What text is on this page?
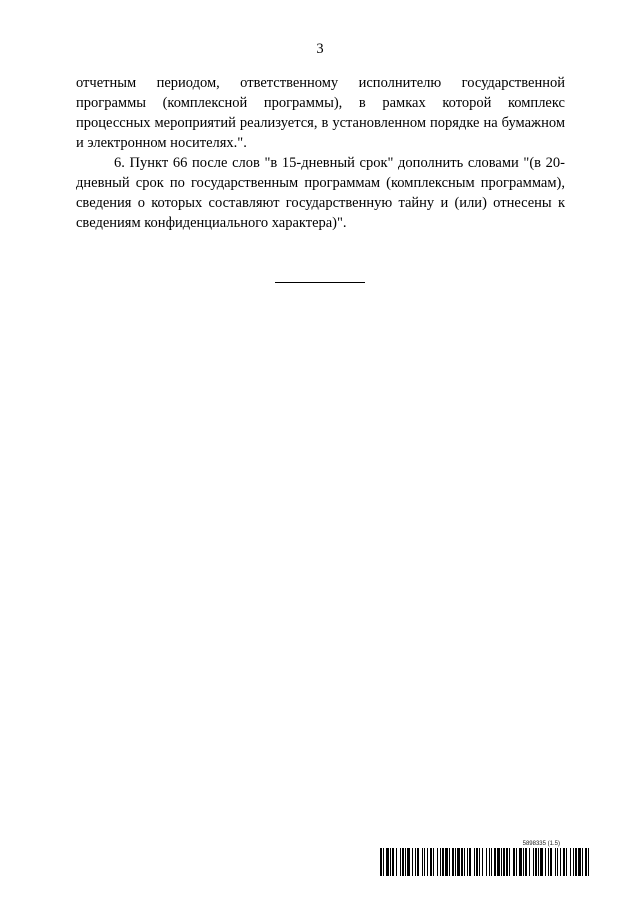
3

отчетным периодом, ответственному исполнителю государственной программы (комплексной программы), в рамках которой комплекс процессных мероприятий реализуется, в установленном порядке на бумажном и электронном носителях.".

6. Пункт 66 после слов "в 15-дневный срок" дополнить словами "(в 20-дневный срок по государственным программам (комплексным программам), сведения о которых составляют государственную тайну и (или) отнесены к сведениям конфиденциального характера)".

5898335 (1.5)
